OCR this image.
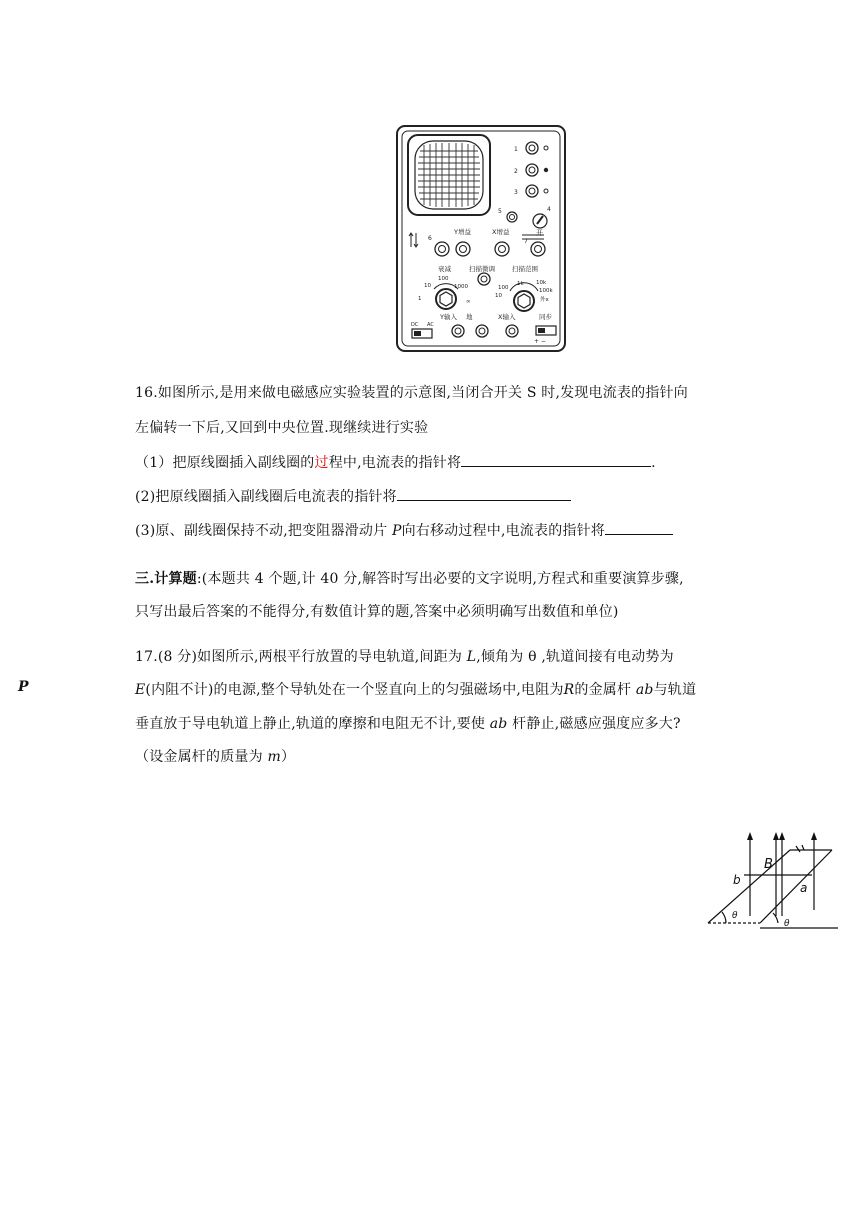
1
2
3
5	4
开
6
Y增益	X增益
7
衰减	扫描微调	扫描范围
100
10	1000
1	∞
1k 10k
100	100k
10
外x
Y输入 地	X输入	同步
DC AC
+ −
16.如图所示,是用来做电磁感应实验装置的示意图,当闭合开关 S 时,发现电流表的指针向
左偏转一下后,又回到中央位置.现继续进行实验
（1）把原线圈插入副线圈的过程中,电流表的指针将	.
(2)把原线圈插入副线圈后电流表的指针将
(3)原、副线圈保持不动,把变阻器滑动片 P向右移动过程中,电流表的指针将
三.计算题:(本题共 4 个题,计 40 分,解答时写出必要的文字说明,方程式和重要演算步骤,
只写出最后答案的不能得分,有数值计算的题,答案中必须明确写出数值和单位)
17.(8 分)如图所示,两根平行放置的导电轨道,间距为 L,倾角为 θ ,轨道间接有电动势为
E(内阻不计)的电源,整个导轨处在一个竖直向上的匀强磁场中,电阻为R的金属杆 ab与轨道
垂直放于导电轨道上静止,轨道的摩擦和电阻无不计,要使 ab 杆静止,磁感应强度应多大?
（设金属杆的质量为 m）
P
B
b
a
θ
θ
